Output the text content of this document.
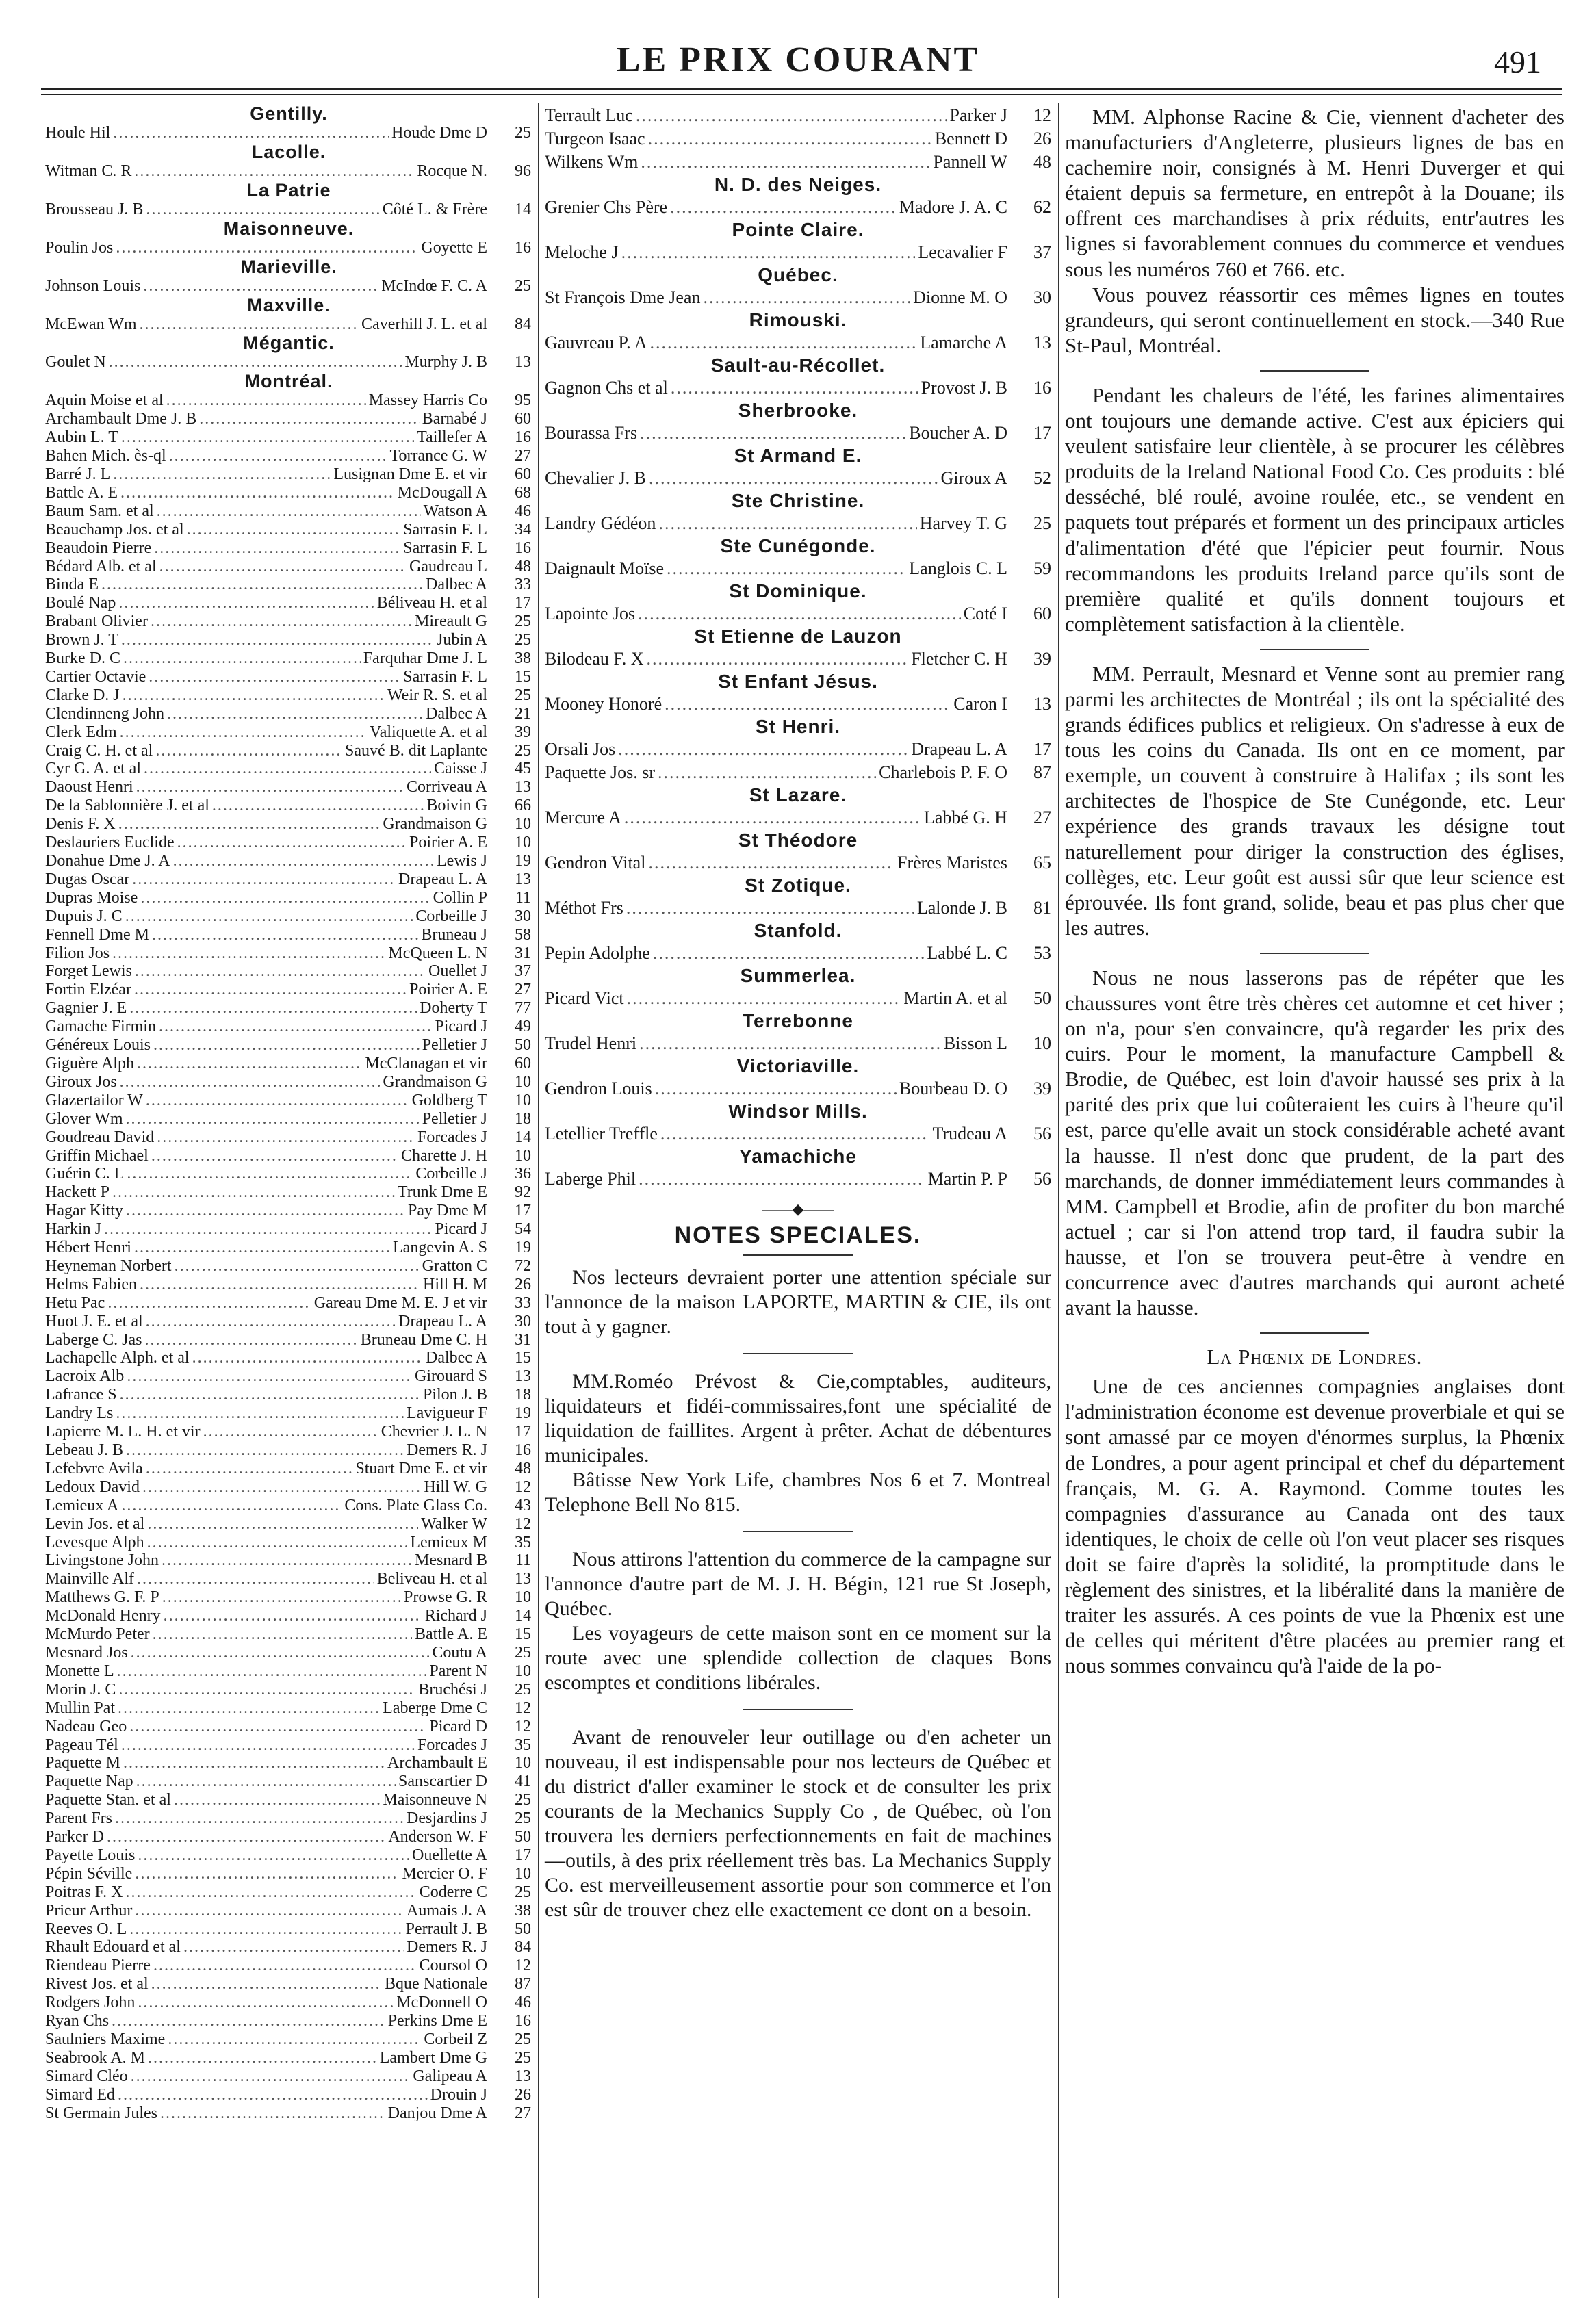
LE PRIX COURANT	491
Gentilly.
Houle Hil .....	Houde Dme D	25
Lacolle.
Witman C. R .....	Rocque N.	96
La Patrie
Brousseau J. B .....	Côté L. & Frère	14
Maisonneuve.
Poulin Jos .....	Goyette E	16
Marieville.
Johnson Louis .....	McIndœ F. C. A	25
Maxville.
McEwan Wm .....	Caverhill J. L. et al	84
Mégantic.
Goulet N .....	Murphy J. B	13
Montréal.
Aquin Moise et al .....	Massey Harris Co	95
Archambault Dme J. B .....	Barnabé J	60
Aubin L. T .....	Taillefer A	16
Bahen Mich. ès-ql .....	Torrance G. W	27
Barré J. L .....	Lusignan Dme E. et vir	60
Battle A. E .....	McDougall A	68
Baum Sam. et al .....	Watson A	46
Beauchamp Jos. et al .....	Sarrasin F. L	34
Beaudoin Pierre .....	Sarrasin F. L	16
Bédard Alb. et al .....	Gaudreau L	48
Binda E .....	Dalbec A	33
Boulé Nap .....	Béliveau H. et al	17
Brabant Olivier .....	Mireault G	25
Brown J. T .....	Jubin A	25
Burke D. C .....	Farquhar Dme J. L	38
Cartier Octavie .....	Sarrasin F. L	15
Clarke D. J .....	Weir R. S. et al	25
Clendinneng John .....	Dalbec A	21
Clerk Edm .....	Valiquette A. et al	39
Craig C. H. et al .....	Sauvé B. dit Laplante	25
Cyr G. A. et al .....	Caisse J	45
Daoust Henri .....	Corriveau A	13
De la Sablonnière J. et al .....	Boivin G	66
Denis F. X .....	Grandmaison G	10
Deslauriers Euclide .....	Poirier A. E	10
Donahue Dme J. A .....	Lewis J	19
Dugas Oscar .....	Drapeau L. A	13
Dupras Moise .....	Collin P	11
Dupuis J. C .....	Corbeille J	30
Fennell Dme M .....	Bruneau J	58
Filion Jos .....	McQueen L. N	31
Forget Lewis .....	Ouellet J	37
Fortin Elzéar .....	Poirier A. E	27
Gagnier J. E .....	Doherty T	77
Gamache Firmin .....	Picard J	49
Généreux Louis .....	Pelletier J	50
Giguère Alph .....	McClanagan et vir	60
Giroux Jos .....	Grandmaison G	10
Glazertailor W .....	Goldberg T	10
Glover Wm .....	Pelletier J	18
Goudreau David .....	Forcades J	14
Griffin Michael .....	Charette J. H	10
Guérin C. L .....	Corbeille J	36
Hackett P .....	Trunk Dme E	92
Hagar Kitty .....	Pay Dme M	17
Harkin J .....	Picard J	54
Hébert Henri .....	Langevin A. S	19
Heyneman Norbert .....	Gratton C	72
Helms Fabien .....	Hill H. M	26
Hetu Pac .....	Gareau Dme M. E. J et vir	33
Huot J. E. et al .....	Drapeau L. A	30
Laberge C. Jas .....	Bruneau Dme C. H	31
Lachapelle Alph. et al .....	Dalbec A	15
Lacroix Alb .....	Girouard S	13
Lafrance S .....	Pilon J. B	18
Landry Ls .....	Lavigueur F	19
Lapierre M. L. H. et vir .....	Chevrier J. L. N	17
Lebeau J. B .....	Demers R. J	16
Lefebvre Avila .....	Stuart Dme E. et vir	48
Ledoux David .....	Hill W. G	12
Lemieux A .....	Cons. Plate Glass Co.	43
Levin Jos. et al .....	Walker W	12
Levesque Alph .....	Lemieux M	35
Livingstone John .....	Mesnard B	11
Mainville Alf .....	Beliveau H. et al	13
Matthews G. F. P .....	Prowse G. R	10
McDonald Henry .....	Richard J	14
McMurdo Peter .....	Battle A. E	15
Mesnard Jos .....	Coutu A	25
Monette L .....	Parent N	10
Morin J. C .....	Bruchési J	25
Mullin Pat .....	Laberge Dme C	12
Nadeau Geo .....	Picard D	12
Pageau Tél .....	Forcades J	35
Paquette M .....	Archambault E	10
Paquette Nap .....	Sanscartier D	41
Paquette Stan. et al .....	Maisonneuve N	25
Parent Frs .....	Desjardins J	25
Parker D .....	Anderson W. F	50
Payette Louis .....	Ouellette A	17
Pépin Séville .....	Mercier O. F	10
Poitras F. X .....	Coderre C	25
Prieur Arthur .....	Aumais J. A	38
Reeves O. L .....	Perrault J. B	50
Rhault Edouard et al .....	Demers R. J	84
Riendeau Pierre .....	Coursol O	12
Rivest Jos. et al .....	Bque Nationale	87
Rodgers John .....	McDonnell O	46
Ryan Chs .....	Perkins Dme E	16
Saulniers Maxime .....	Corbeil Z	25
Seabrook A. M .....	Lambert Dme G	25
Simard Cléo .....	Galipeau A	13
Simard Ed .....	Drouin J	26
St Germain Jules .....	Danjou Dme A	27
Terrault Luc .....	Parker J	12
Turgeon Isaac .....	Bennett D	26
Wilkens Wm .....	Pannell W	48
N. D. des Neiges.
Grenier Chs Père .....	Madore J. A. C	62
Pointe Claire.
Meloche J .....	Lecavalier F	37
Québec.
St François Dme Jean .....	Dionne M. O	30
Rimouski.
Gauvreau P. A .....	Lamarche A	13
Sault-au-Récollet.
Gagnon Chs et al .....	Provost J. B	16
Sherbrooke.
Bourassa Frs .....	Boucher A. D	17
St Armand E.
Chevalier J. B .....	Giroux A	52
Ste Christine.
Landry Gédéon .....	Harvey T. G	25
Ste Cunégonde.
Daignault Moïse .....	Langlois C. L	59
St Dominique.
Lapointe Jos .....	Coté I	60
St Etienne de Lauzon
Bilodeau F. X .....	Fletcher C. H	39
St Enfant Jésus.
Mooney Honoré .....	Caron I	13
St Henri.
Orsali Jos .....	Drapeau L. A	17
Paquette Jos. sr .....	Charlebois P. F. O	87
St Lazare.
Mercure A .....	Labbé G. H	27
St Théodore
Gendron Vital .....	Frères Maristes	65
St Zotique.
Méthot Frs .....	Lalonde J. B	81
Stanfold.
Pepin Adolphe .....	Labbé L. C	53
Summerlea.
Picard Vict .....	Martin A. et al	50
Terrebonne
Trudel Henri .....	Bisson L	10
Victoriaville.
Gendron Louis .....	Bourbeau D. O	39
Windsor Mills.
Letellier Treffle .....	Trudeau A	56
Yamachiche
Laberge Phil .....	Martin P. P	56
——◆——
NOTES SPECIALES.

Nos lecteurs devraient porter une attention spéciale sur l'annonce de la maison LAPORTE, MARTIN & CIE, ils ont tout à y gagner.

MM.Roméo Prévost & Cie,comptables, auditeurs, liquidateurs et fidéi-commissaires,font une spécialité de liquidation de faillites. Argent à prêter. Achat de débentures municipales.

Bâtisse New York Life, chambres Nos 6 et 7. Montreal Telephone Bell No 815.

Nous attirons l'attention du commerce de la campagne sur l'annonce d'autre part de M. J. H. Bégin, 121 rue St Joseph, Québec.

Les voyageurs de cette maison sont en ce moment sur la route avec une splendide collection de claques Bons escomptes et conditions libérales.

Avant de renouveler leur outillage ou d'en acheter un nouveau, il est indispensable pour nos lecteurs de Québec et du district d'aller examiner le stock et de consulter les prix courants de la Mechanics Supply Co , de Québec, où l'on trouvera les derniers perfectionnements en fait de machines—outils, à des prix réellement très bas. La Mechanics Supply Co. est merveilleusement assortie pour son commerce et l'on est sûr de trouver chez elle exactement ce dont on a besoin.

MM. Alphonse Racine & Cie, viennent d'acheter des manufacturiers d'Angleterre, plusieurs lignes de bas en cachemire noir, consignés à M. Henri Duverger et qui étaient depuis sa fermeture, en entrepôt à la Douane; ils offrent ces marchandises à prix réduits, entr'autres les lignes si favorablement connues du commerce et vendues sous les numéros 760 et 766. etc.

Vous pouvez réassortir ces mêmes lignes en toutes grandeurs, qui seront continuellement en stock.—340 Rue St-Paul, Montréal.

Pendant les chaleurs de l'été, les farines alimentaires ont toujours une demande active. C'est aux épiciers qui veulent satisfaire leur clientèle, à se procurer les célèbres produits de la Ireland National Food Co. Ces produits : blé desséché, blé roulé, avoine roulée, etc., se vendent en paquets tout préparés et forment un des principaux articles d'alimentation d'été que l'épicier peut fournir. Nous recommandons les produits Ireland parce qu'ils sont de première qualité et qu'ils donnent toujours et complètement satisfaction à la clientèle.

MM. Perrault, Mesnard et Venne sont au premier rang parmi les architectes de Montréal ; ils ont la spécialité des grands édifices publics et religieux. On s'adresse à eux de tous les coins du Canada. Ils ont en ce moment, par exemple, un couvent à construire à Halifax ; ils sont les architectes de l'hospice de Ste Cunégonde, etc. Leur expérience des grands travaux les désigne tout naturellement pour diriger la construction des églises, collèges, etc. Leur goût est aussi sûr que leur science est éprouvée. Ils font grand, solide, beau et pas plus cher que les autres.

Nous ne nous lasserons pas de répéter que les chaussures vont être très chères cet automne et cet hiver ; on n'a, pour s'en convaincre, qu'à regarder les prix des cuirs. Pour le moment, la manufacture Campbell & Brodie, de Québec, est loin d'avoir haussé ses prix à la parité des prix que lui coûteraient les cuirs à l'heure qu'il est, parce qu'elle avait un stock considérable acheté avant la hausse. Il n'est donc que prudent, de la part des marchands, de donner immédiatement leurs commandes à MM. Campbell et Brodie, afin de profiter du bon marché actuel ; car si l'on attend trop tard, il faudra subir la hausse, et l'on se trouvera peut-être à vendre en concurrence avec d'autres marchands qui auront acheté avant la hausse.

La Phœnix de Londres.

Une de ces anciennes compagnies anglaises dont l'administration économe est devenue proverbiale et qui se sont amassé par ce moyen d'énormes surplus, la Phœnix de Londres, a pour agent principal et chef du département français, M. G. A. Raymond. Comme toutes les compagnies d'assurance au Canada ont des taux identiques, le choix de celle où l'on veut placer ses risques doit se faire d'après la solidité, la promptitude dans le règlement des sinistres, et la libéralité dans la manière de traiter les assurés. A ces points de vue la Phœnix est une de celles qui méritent d'être placées au premier rang et nous sommes convaincu qu'à l'aide de la po-
